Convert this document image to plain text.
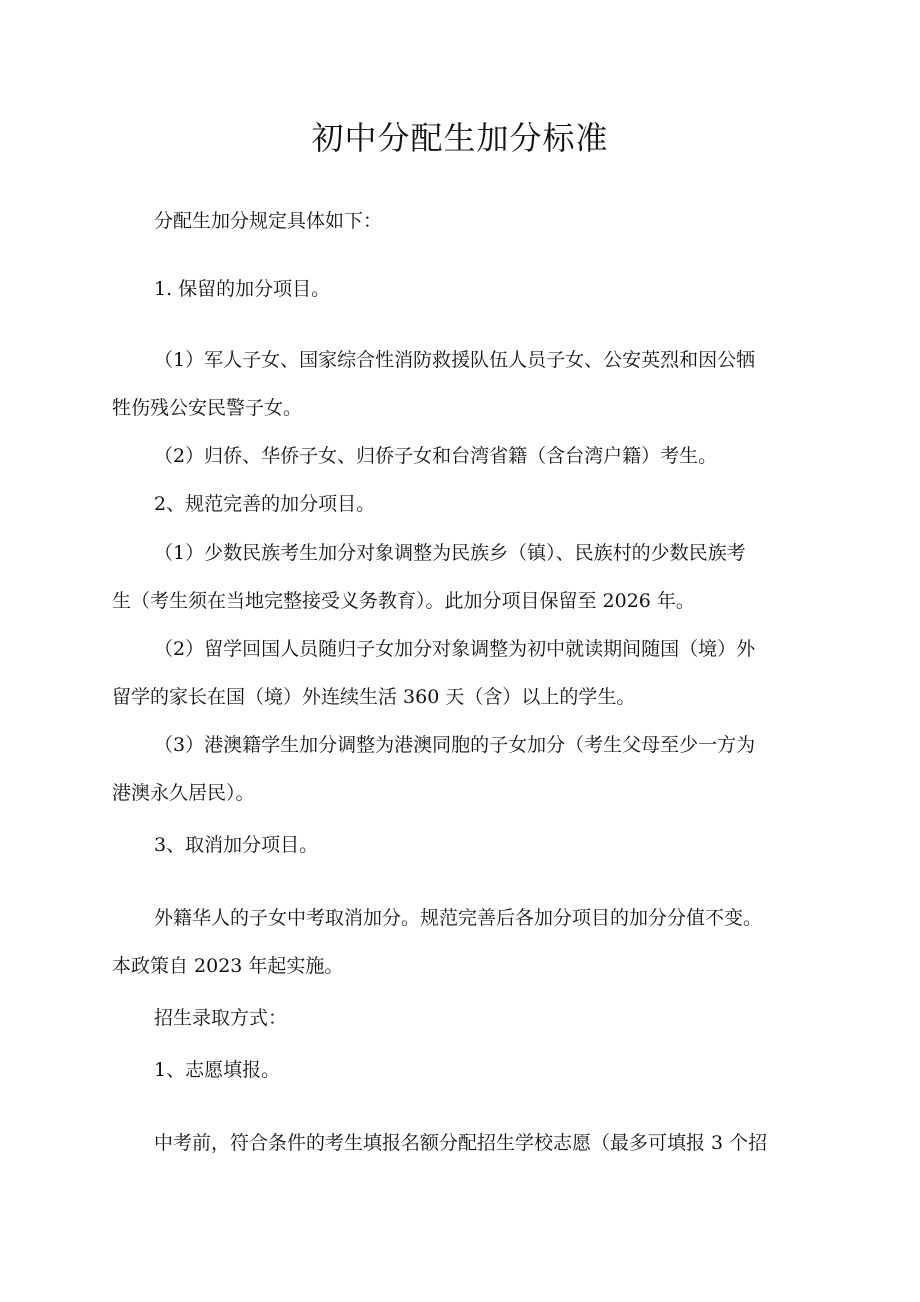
初中分配生加分标准
分配生加分规定具体如下：
1. 保留的加分项目。
（1）军人子女、国家综合性消防救援队伍人员子女、公安英烈和因公牺
牲伤残公安民警子女。
（2）归侨、华侨子女、归侨子女和台湾省籍（含台湾户籍）考生。
2、规范完善的加分项目。
（1）少数民族考生加分对象调整为民族乡（镇）、民族村的少数民族考
生（考生须在当地完整接受义务教育）。此加分项目保留至 2026 年。
（2）留学回国人员随归子女加分对象调整为初中就读期间随国（境）外
留学的家长在国（境）外连续生活 360 天（含）以上的学生。
（3）港澳籍学生加分调整为港澳同胞的子女加分（考生父母至少一方为
港澳永久居民）。
3、取消加分项目。
外籍华人的子女中考取消加分。规范完善后各加分项目的加分分值不变。
本政策自 2023 年起实施。
招生录取方式：
1、志愿填报。
中考前，符合条件的考生填报名额分配招生学校志愿（最多可填报 3 个招
